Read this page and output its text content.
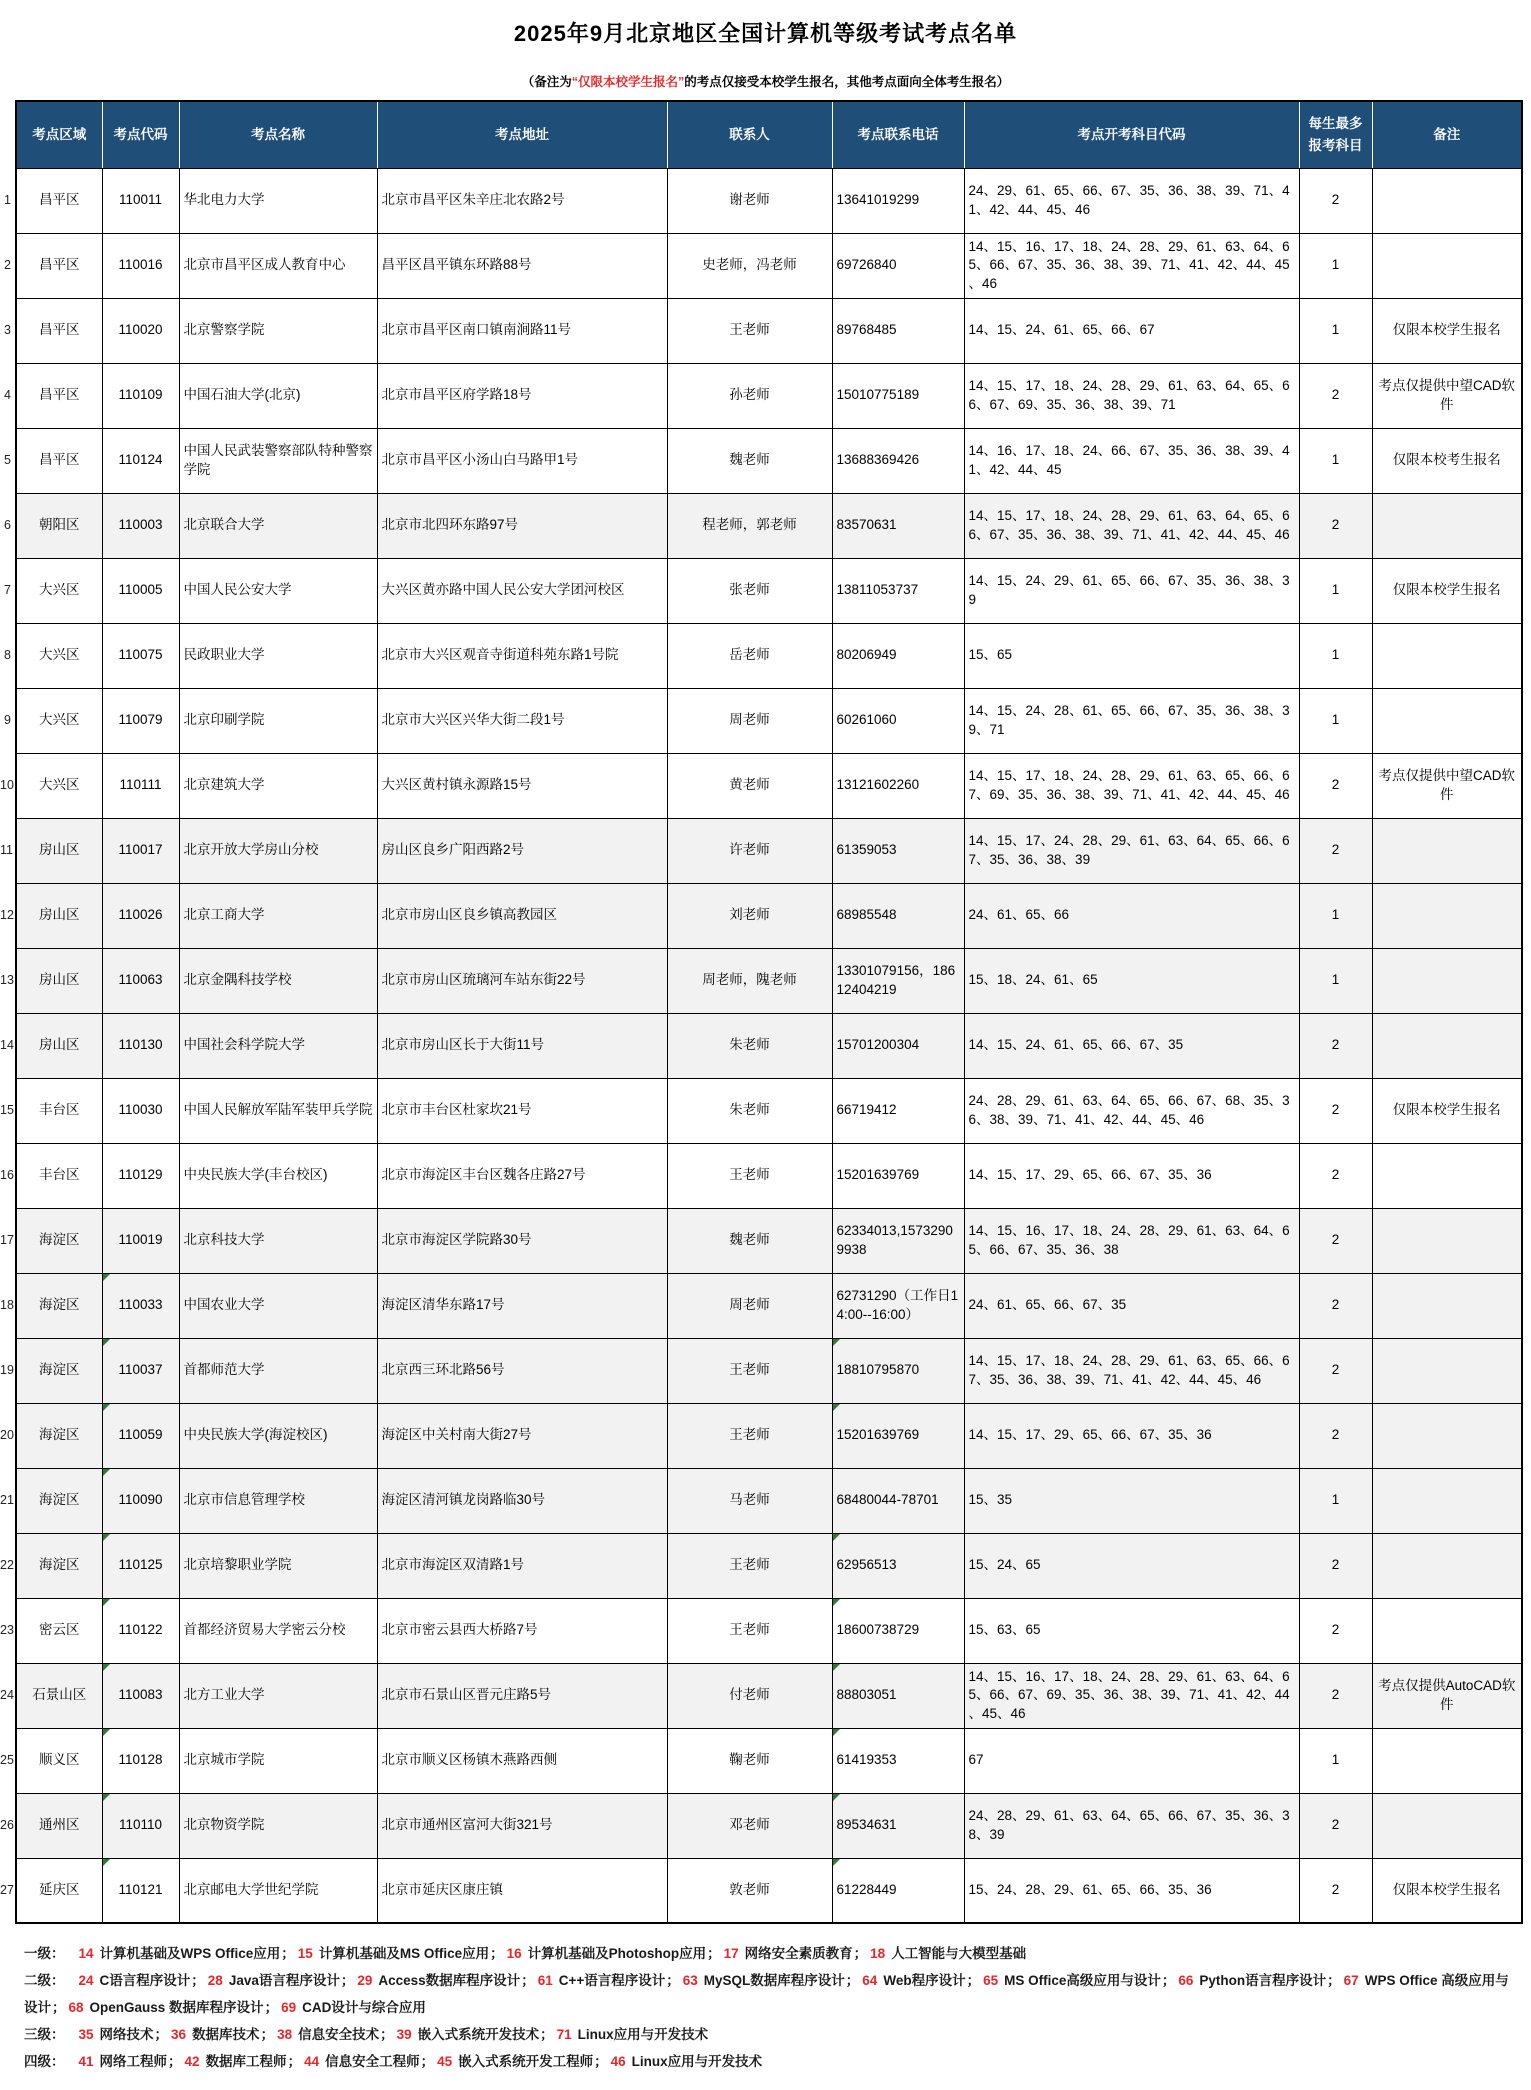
2025年9月北京地区全国计算机等级考试考点名单

（备注为“仅限本校学生报名”的考点仅接受本校学生报名，其他考点面向全体考生报名）

	考点区域	考点代码	考点名称	考点地址	联系人	考点联系电话	考点开考科目代码	每生最多报考科目	备注
1	昌平区	110011	华北电力大学	北京市昌平区朱辛庄北农路2号	谢老师	13641019299	24、29、61、65、66、67、35、36、38、39、71、41、42、44、45、46	2	
2	昌平区	110016	北京市昌平区成人教育中心	昌平区昌平镇东环路88号	史老师，冯老师	69726840	14、15、16、17、18、24、28、29、61、63、64、65、66、67、35、36、38、39、71、41、42、44、45、46	1	
3	昌平区	110020	北京警察学院	北京市昌平区南口镇南涧路11号	王老师	89768485	14、15、24、61、65、66、67	1	仅限本校学生报名
4	昌平区	110109	中国石油大学(北京)	北京市昌平区府学路18号	孙老师	15010775189	14、15、17、18、24、28、29、61、63、64、65、66、67、69、35、36、38、39、71	2	考点仅提供中望CAD软件
5	昌平区	110124	中国人民武装警察部队特种警察学院	北京市昌平区小汤山白马路甲1号	魏老师	13688369426	14、16、17、18、24、66、67、35、36、38、39、41、42、44、45	1	仅限本校考生报名
6	朝阳区	110003	北京联合大学	北京市北四环东路97号	程老师，郭老师	83570631	14、15、17、18、24、28、29、61、63、64、65、66、67、35、36、38、39、71、41、42、44、45、46	2	
7	大兴区	110005	中国人民公安大学	大兴区黄亦路中国人民公安大学团河校区	张老师	13811053737	14、15、24、29、61、65、66、67、35、36、38、39	1	仅限本校学生报名
8	大兴区	110075	民政职业大学	北京市大兴区观音寺街道科苑东路1号院	岳老师	80206949	15、65	1	
9	大兴区	110079	北京印刷学院	北京市大兴区兴华大街二段1号	周老师	60261060	14、15、24、28、61、65、66、67、35、36、38、39、71	1	
10	大兴区	110111	北京建筑大学	大兴区黄村镇永源路15号	黄老师	13121602260	14、15、17、18、24、28、29、61、63、65、66、67、69、35、36、38、39、71、41、42、44、45、46	2	考点仅提供中望CAD软件
11	房山区	110017	北京开放大学房山分校	房山区良乡广阳西路2号	许老师	61359053	14、15、17、24、28、29、61、63、64、65、66、67、35、36、38、39	2	
12	房山区	110026	北京工商大学	北京市房山区良乡镇高教园区	刘老师	68985548	24、61、65、66	1	
13	房山区	110063	北京金隅科技学校	北京市房山区琉璃河车站东街22号	周老师，隗老师	13301079156，18612404219	15、18、24、61、65	1	
14	房山区	110130	中国社会科学院大学	北京市房山区长于大街11号	朱老师	15701200304	14、15、24、61、65、66、67、35	2	
15	丰台区	110030	中国人民解放军陆军装甲兵学院	北京市丰台区杜家坎21号	朱老师	66719412	24、28、29、61、63、64、65、66、67、68、35、36、38、39、71、41、42、44、45、46	2	仅限本校学生报名
16	丰台区	110129	中央民族大学(丰台校区)	北京市海淀区丰台区魏各庄路27号	王老师	15201639769	14、15、17、29、65、66、67、35、36	2	
17	海淀区	110019	北京科技大学	北京市海淀区学院路30号	魏老师	62334013,15732909938	14、15、16、17、18、24、28、29、61、63、64、65、66、67、35、36、38	2	
18	海淀区	110033	中国农业大学	海淀区清华东路17号	周老师	62731290（工作日14:00--16:00）	24、61、65、66、67、35	2	
19	海淀区	110037	首都师范大学	北京西三环北路56号	王老师	18810795870	14、15、17、18、24、28、29、61、63、65、66、67、35、36、38、39、71、41、42、44、45、46	2	
20	海淀区	110059	中央民族大学(海淀校区)	海淀区中关村南大街27号	王老师	15201639769	14、15、17、29、65、66、67、35、36	2	
21	海淀区	110090	北京市信息管理学校	海淀区清河镇龙岗路临30号	马老师	68480044-78701	15、35	1	
22	海淀区	110125	北京培黎职业学院	北京市海淀区双清路1号	王老师	62956513	15、24、65	2	
23	密云区	110122	首都经济贸易大学密云分校	北京市密云县西大桥路7号	王老师	18600738729	15、63、65	2	
24	石景山区	110083	北方工业大学	北京市石景山区晋元庄路5号	付老师	88803051	14、15、16、17、18、24、28、29、61、63、64、65、66、67、69、35、36、38、39、71、41、42、44、45、46	2	考点仅提供AutoCAD软件
25	顺义区	110128	北京城市学院	北京市顺义区杨镇木燕路西侧	鞠老师	61419353	67	1	
26	通州区	110110	北京物资学院	北京市通州区富河大街321号	邓老师	89534631	24、28、29、61、63、64、65、66、67、35、36、38、39	2	
27	延庆区	110121	北京邮电大学世纪学院	北京市延庆区康庄镇	敦老师	61228449	15、24、28、29、61、65、66、35、36	2	仅限本校学生报名
一级： 14 计算机基础及WPS Office应用； 15 计算机基础及MS Office应用； 16 计算机基础及Photoshop应用； 17 网络安全素质教育； 18 人工智能与大模型基础
二级： 24 C语言程序设计； 28 Java语言程序设计； 29 Access数据库程序设计； 61 C++语言程序设计； 63 MySQL数据库程序设计； 64 Web程序设计； 65 MS Office高级应用与设计； 66 Python语言程序设计； 67 WPS Office 高级应用与设计； 68 OpenGauss 数据库程序设计； 69 CAD设计与综合应用
三级： 35 网络技术； 36 数据库技术； 38 信息安全技术； 39 嵌入式系统开发技术； 71 Linux应用与开发技术
四级： 41 网络工程师； 42 数据库工程师； 44 信息安全工程师； 45 嵌入式系统开发工程师； 46 Linux应用与开发技术
